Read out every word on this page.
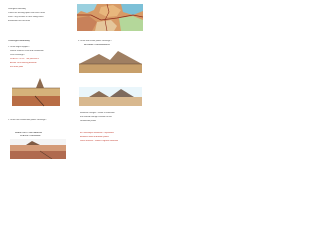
Divergent Boundary
Plates are moving apart from each other
Fault - any fracture in rock along which
movement has occurred
Convergent Boundary
1. What might happen?
Where oceanic crust and continental
crust converge?
SUBDUCTION - The process of
denser crust sinking beneath
the other plate
2. When two continental plates converge?
WHEN TWO CONTINENTAL
PLATES CONVERGE
3. What two ocean plates converge?
INTENSE CONVERGENCE
Mountain Ranges - some of mountain
are formed through collision of two
continental plates
Ex. Himalayan Mountain - separated
between India and Asian plates
South Everest - World's highest Mountain
